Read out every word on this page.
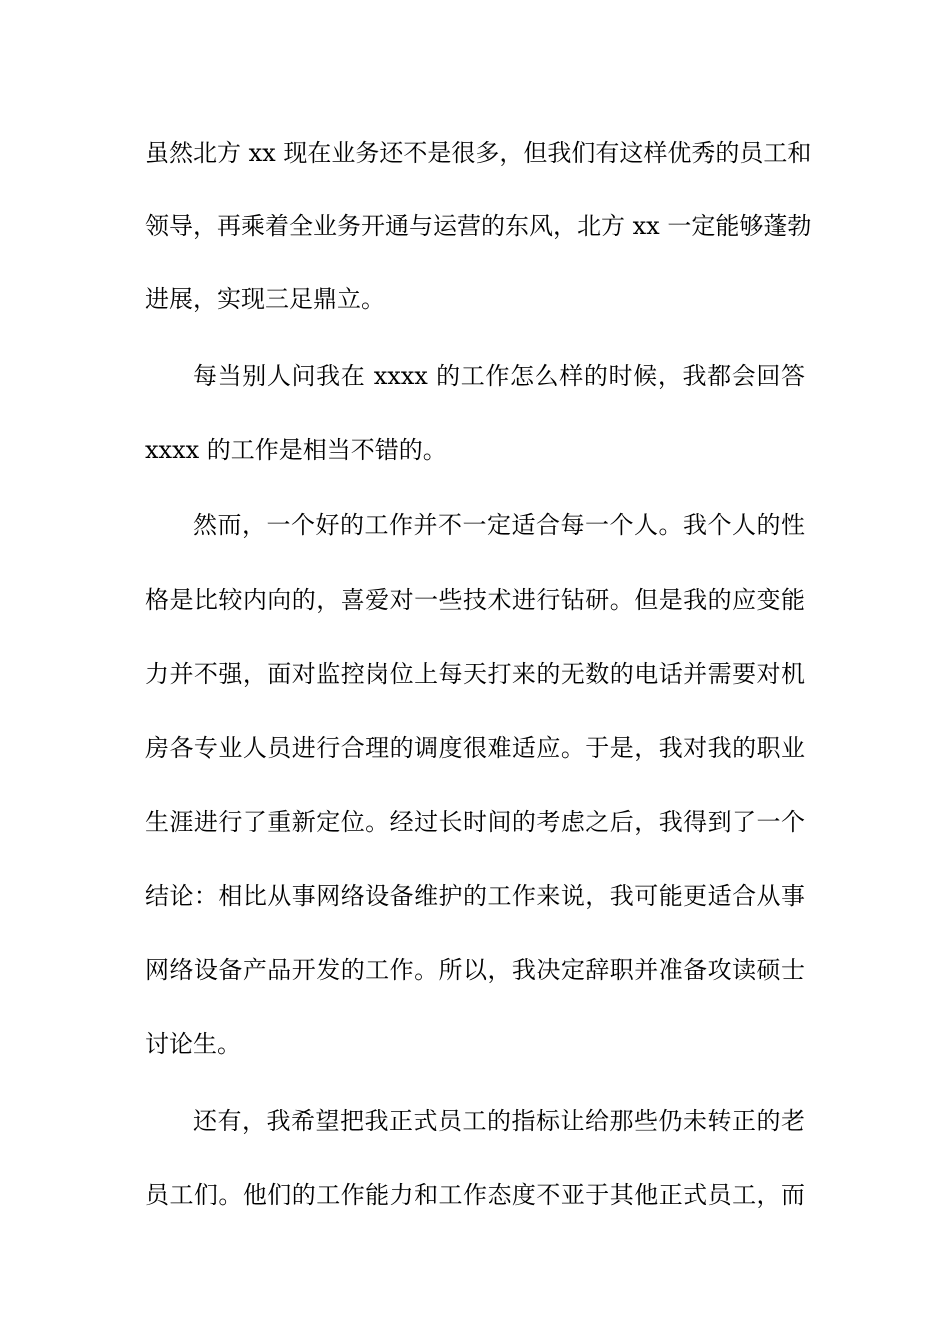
虽然北方 xx 现在业务还不是很多，但我们有这样优秀的员工和
领导，再乘着全业务开通与运营的东风，北方 xx 一定能够蓬勃
进展，实现三足鼎立。
每当别人问我在 xxxx 的工作怎么样的时候，我都会回答
xxxx 的工作是相当不错的。
然而，一个好的工作并不一定适合每一个人。我个人的性
格是比较内向的，喜爱对一些技术进行钻研。但是我的应变能
力并不强，面对监控岗位上每天打来的无数的电话并需要对机
房各专业人员进行合理的调度很难适应。于是，我对我的职业
生涯进行了重新定位。经过长时间的考虑之后，我得到了一个
结论：相比从事网络设备维护的工作来说，我可能更适合从事
网络设备产品开发的工作。所以，我决定辞职并准备攻读硕士
讨论生。
还有，我希望把我正式员工的指标让给那些仍未转正的老
员工们。他们的工作能力和工作态度不亚于其他正式员工，而
